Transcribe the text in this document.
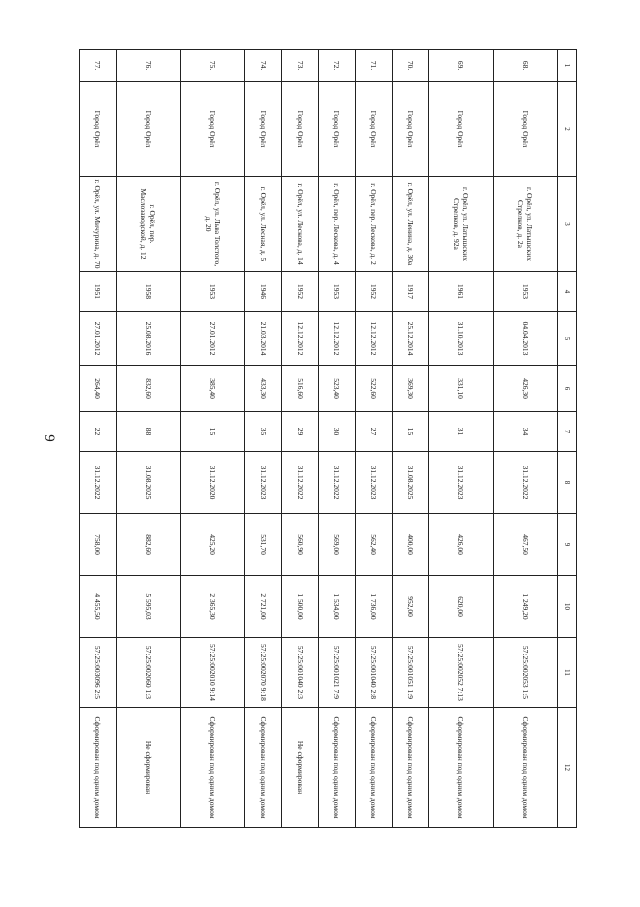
9
1	2	3	4	5	6	7	8	9	10	11	12
68.	Город Орёл	г. Орёл, ул. Латышских Стрелков, д. 2а	1953	04.04.2013	426,30	34	31.12.2022	467,50	1 249,20	57:25:002053 1:5	Сформирован под одним домом
69.	Город Орёл	г. Орёл, ул. Латышских Стрелков, д. 92а	1961	31.10.2013	331,10	31	31.12.2023	426,00	620,00	57:25:002052 7:13	Сформирован под одним домом
70.	Город Орёл	г. Орёл, ул. Ленина, д. 30а	1917	25.12.2014	369,30	15	31.08.2025	400,00	952,00	57:25:001051 1:9	Сформирован под одним домом
71.	Город Орёл	г. Орёл, пер. Лескова, д. 2	1952	12.12.2012	522,60	27	31.12.2023	562,40	1 736,00	57:25:001040 2:8	Сформирован под одним домом
72.	Город Орёл	г. Орёл, пер. Лескова, д. 4	1953	12.12.2012	523,40	30	31.12.2022	569,00	1 534,00	57:25:001021 7:9	Сформирован под одним домом
73.	Город Орёл	г. Орёл, ул. Лескова, д. 14	1952	12.12.2012	516,60	29	31.12.2022	560,90	1 500,00	57:25:001040 2:3	Не сформирован
74.	Город Орёл	г. Орёл, ул. Лесная, д. 5	1946	21.03.2014	433,30	35	31.12.2023	531,70	2 721,00	57:25:002070 9:18	Сформирован под одним домом
75.	Город Орёл	г. Орёл, ул. Льва Толстого, д. 20	1953	27.01.2012	385,40	15	31.12.2020	425,20	2 365,30	57:25:002010 9:14	Сформирован под одним домом
76.	Город Орёл	г. Орёл, пер. Маслозаводской, д. 12	1958	25.08.2016	832,60	88	31.08.2025	882,60	5 595,03	57:25:002060 1:3	Не сформирован
77.	Город Орёл	г. Орёл, ул. Мичурина, д. 70	1951	27.01.2012	264,40	22	31.12.2022	758,00	4 455,50	57:25:003096 2:5	Сформирован под одним домом
